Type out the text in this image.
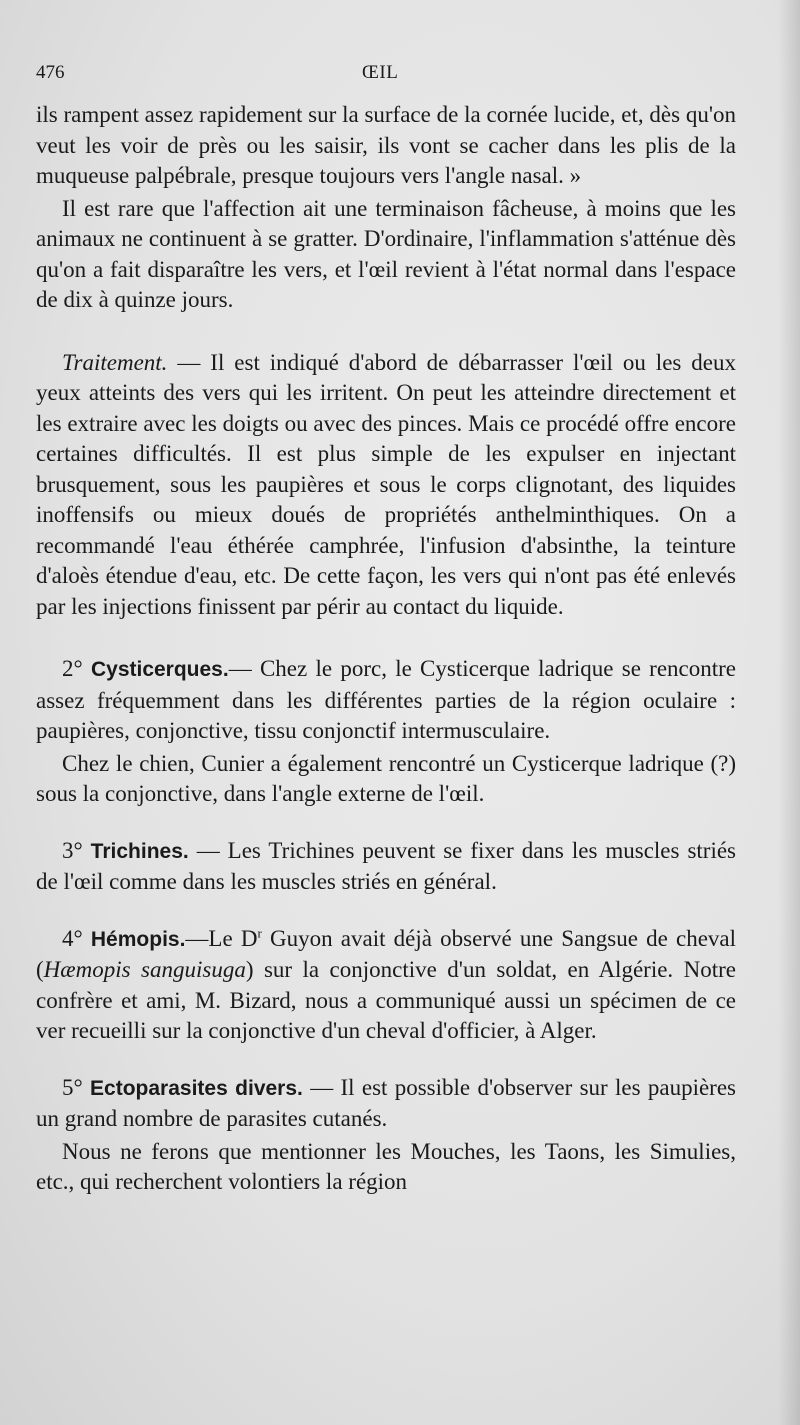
476	ŒIL

ils rampent assez rapidement sur la surface de la cornée lucide, et, dès qu'on veut les voir de près ou les saisir, ils vont se cacher dans les plis de la muqueuse palpébrale, presque toujours vers l'angle nasal. »

Il est rare que l'affection ait une terminaison fâcheuse, à moins que les animaux ne continuent à se gratter. D'ordinaire, l'inflammation s'atténue dès qu'on a fait disparaître les vers, et l'œil revient à l'état normal dans l'espace de dix à quinze jours.

Traitement. — Il est indiqué d'abord de débarrasser l'œil ou les deux yeux atteints des vers qui les irritent. On peut les atteindre directement et les extraire avec les doigts ou avec des pinces. Mais ce procédé offre encore certaines difficultés. Il est plus simple de les expulser en injectant brusquement, sous les paupières et sous le corps clignotant, des liquides inoffensifs ou mieux doués de propriétés anthelminthiques. On a recommandé l'eau éthérée camphrée, l'infusion d'absinthe, la teinture d'aloès étendue d'eau, etc. De cette façon, les vers qui n'ont pas été enlevés par les injections finissent par périr au contact du liquide.

2° Cysticerques.— Chez le porc, le Cysticerque ladrique se rencontre assez fréquemment dans les différentes parties de la région oculaire : paupières, conjonctive, tissu conjonctif intermusculaire.

Chez le chien, Cunier a également rencontré un Cysticerque ladrique (?) sous la conjonctive, dans l'angle externe de l'œil.

3° Trichines. — Les Trichines peuvent se fixer dans les muscles striés de l'œil comme dans les muscles striés en général.

4° Hémopis.—Le $D^r$ Guyon avait déjà observé une Sangsue de cheval (Hæmopis sanguisuga) sur la conjonctive d'un soldat, en Algérie. Notre confrère et ami, M. Bizard, nous a communiqué aussi un spécimen de ce ver recueilli sur la conjonctive d'un cheval d'officier, à Alger.

5° Ectoparasites divers. — Il est possible d'observer sur les paupières un grand nombre de parasites cutanés.

Nous ne ferons que mentionner les Mouches, les Taons, les Simulies, etc., qui recherchent volontiers la région
